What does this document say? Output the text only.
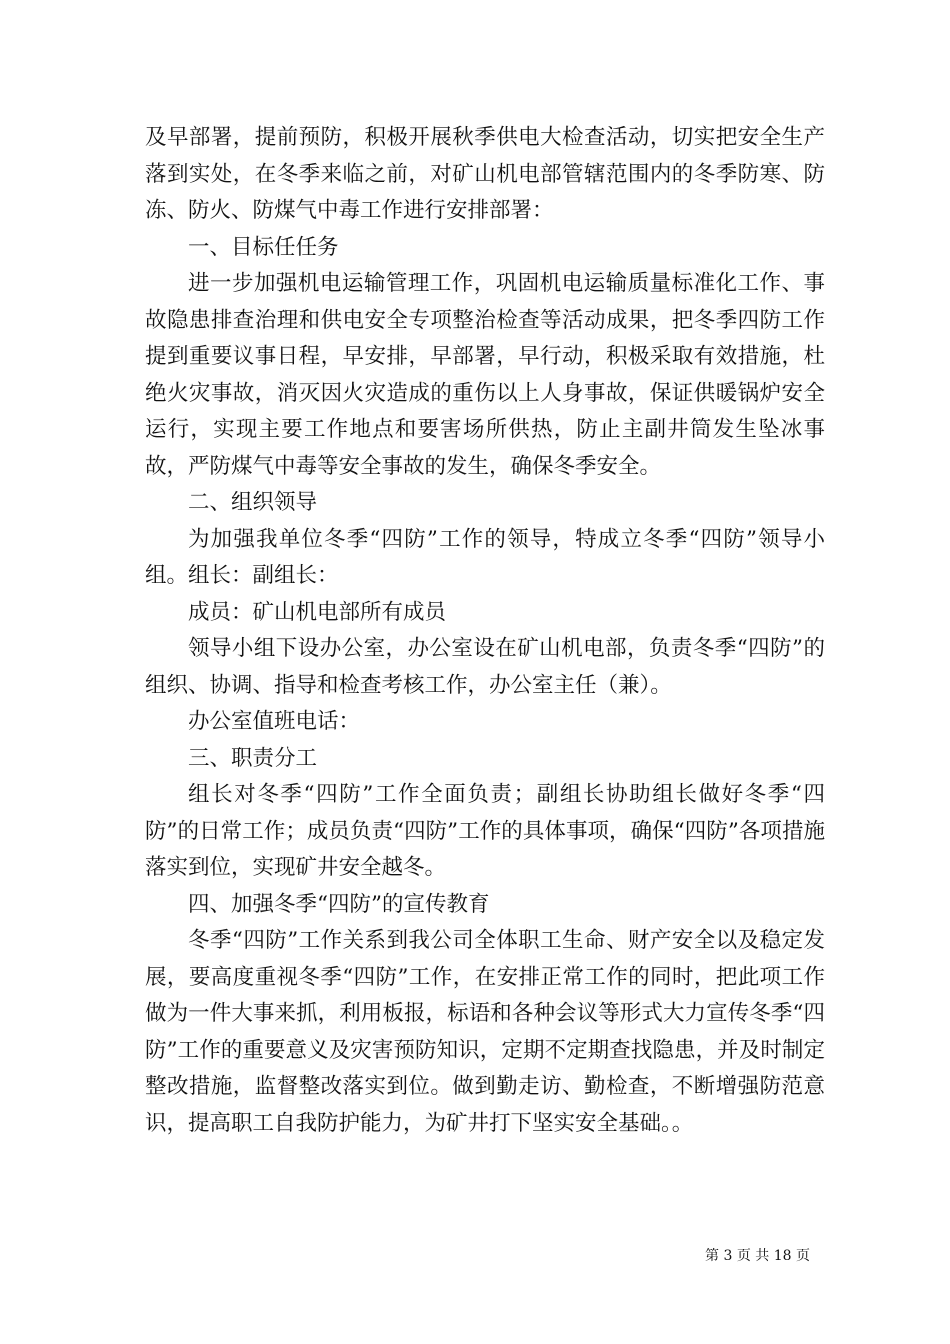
及早部署，提前预防，积极开展秋季供电大检查活动，切实把安全生产落到实处，在冬季来临之前，对矿山机电部管辖范围内的冬季防寒、防冻、防火、防煤气中毒工作进行安排部署：

一、目标任任务

进一步加强机电运输管理工作，巩固机电运输质量标准化工作、事故隐患排查治理和供电安全专项整治检查等活动成果，把冬季四防工作提到重要议事日程，早安排，早部署，早行动，积极采取有效措施，杜绝火灾事故，消灭因火灾造成的重伤以上人身事故，保证供暖锅炉安全运行，实现主要工作地点和要害场所供热，防止主副井筒发生坠冰事故，严防煤气中毒等安全事故的发生，确保冬季安全。

二、组织领导

为加强我单位冬季“四防”工作的领导，特成立冬季“四防”领导小组。组长：副组长：

成员：矿山机电部所有成员

领导小组下设办公室，办公室设在矿山机电部，负责冬季“四防”的组织、协调、指导和检查考核工作，办公室主任（兼）。

办公室值班电话：

三、职责分工

组长对冬季“四防”工作全面负责；副组长协助组长做好冬季“四防”的日常工作；成员负责“四防”工作的具体事项，确保“四防”各项措施落实到位，实现矿井安全越冬。

四、加强冬季“四防”的宣传教育

冬季“四防”工作关系到我公司全体职工生命、财产安全以及稳定发展，要高度重视冬季“四防”工作，在安排正常工作的同时，把此项工作做为一件大事来抓，利用板报，标语和各种会议等形式大力宣传冬季“四防”工作的重要意义及灾害预防知识，定期不定期查找隐患，并及时制定整改措施，监督整改落实到位。做到勤走访、勤检查，不断增强防范意识，提高职工自我防护能力，为矿井打下坚实安全基础。。

第 3 页 共 18 页
